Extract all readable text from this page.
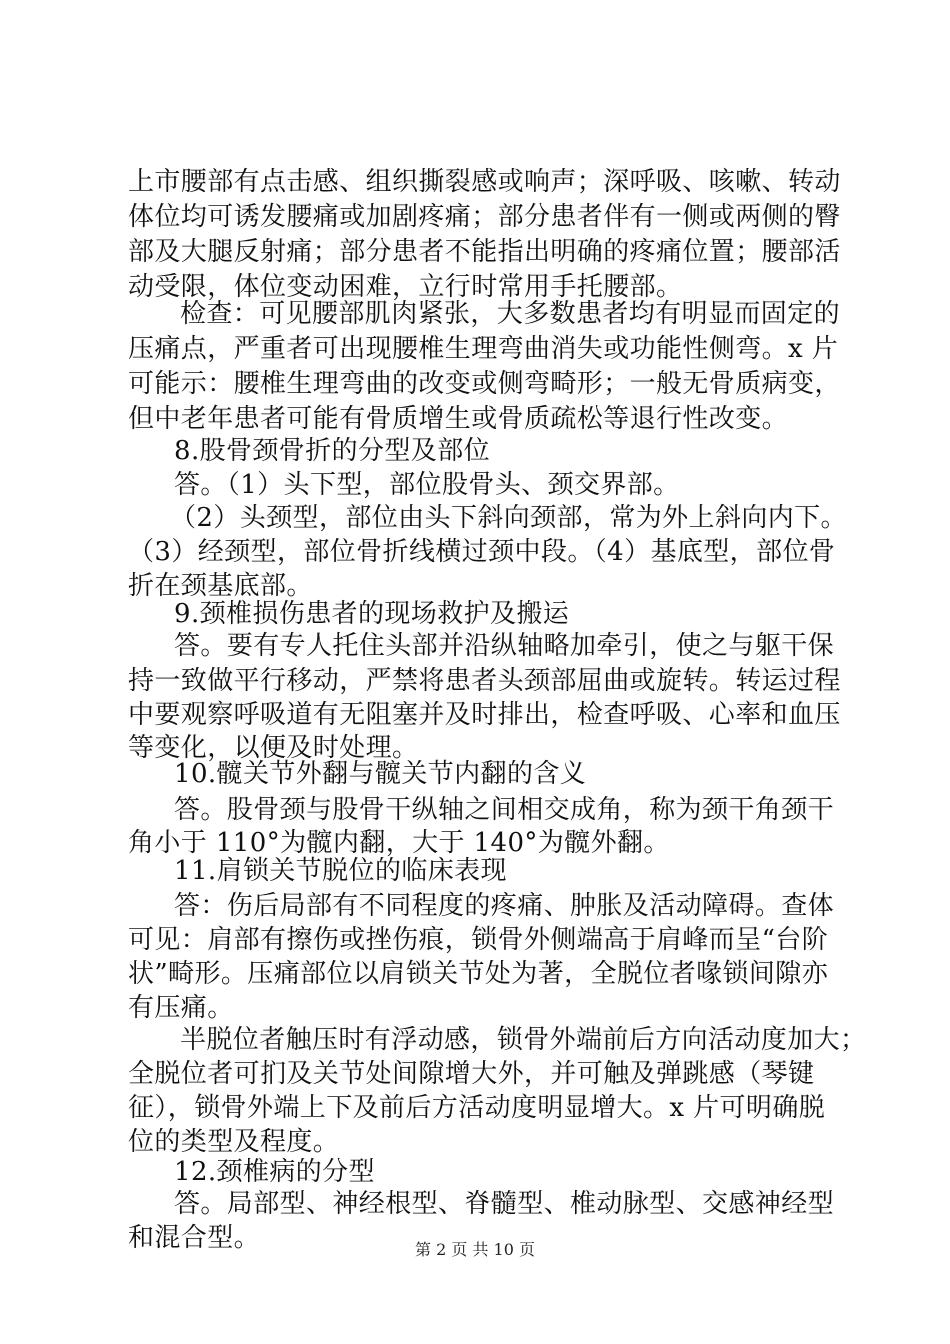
上市腰部有点击感、组织撕裂感或响声；深呼吸、咳嗽、转动
体位均可诱发腰痛或加剧疼痛；部分患者伴有一侧或两侧的臀
部及大腿反射痛；部分患者不能指出明确的疼痛位置；腰部活
动受限，体位变动困难，立行时常用手托腰部。
检查：可见腰部肌肉紧张，大多数患者均有明显而固定的
压痛点，严重者可出现腰椎生理弯曲消失或功能性侧弯。x 片
可能示：腰椎生理弯曲的改变或侧弯畸形；一般无骨质病变，
但中老年患者可能有骨质增生或骨质疏松等退行性改变。
8.股骨颈骨折的分型及部位
答。（1）头下型，部位股骨头、颈交界部。
（2）头颈型，部位由头下斜向颈部，常为外上斜向内下。
（3）经颈型，部位骨折线横过颈中段。（4）基底型，部位骨
折在颈基底部。
9.颈椎损伤患者的现场救护及搬运
答。要有专人托住头部并沿纵轴略加牵引，使之与躯干保
持一致做平行移动，严禁将患者头颈部屈曲或旋转。转运过程
中要观察呼吸道有无阻塞并及时排出，检查呼吸、心率和血压
等变化，以便及时处理。
10.髋关节外翻与髋关节内翻的含义
答。股骨颈与股骨干纵轴之间相交成角，称为颈干角颈干
角小于 110°为髋内翻，大于 140°为髋外翻。
11.肩锁关节脱位的临床表现
答：伤后局部有不同程度的疼痛、肿胀及活动障碍。查体
可见：肩部有擦伤或挫伤痕，锁骨外侧端高于肩峰而呈“台阶
状”畸形。压痛部位以肩锁关节处为著，全脱位者喙锁间隙亦
有压痛。
半脱位者触压时有浮动感，锁骨外端前后方向活动度加大；
全脱位者可扪及关节处间隙增大外，并可触及弹跳感（琴键
征），锁骨外端上下及前后方活动度明显增大。x 片可明确脱
位的类型及程度。
12.颈椎病的分型
答。局部型、神经根型、脊髓型、椎动脉型、交感神经型
和混合型。	第 2 页 共 10 页
